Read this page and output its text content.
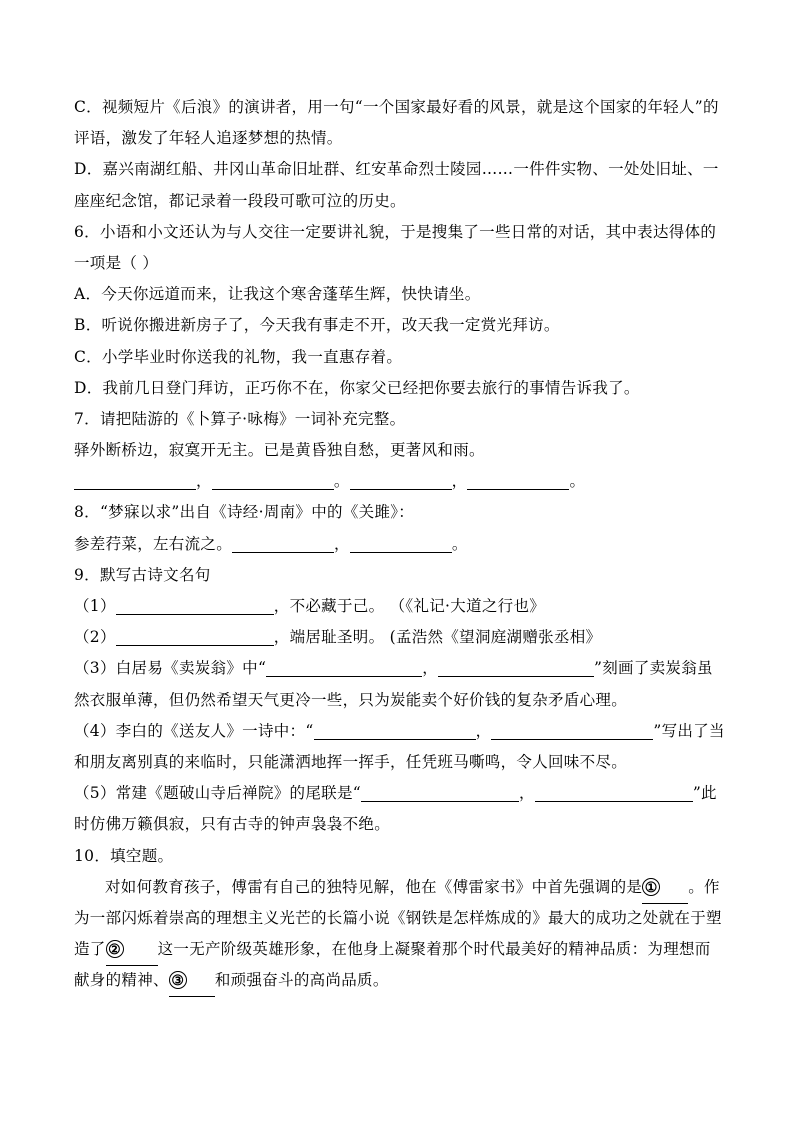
C．视频短片《后浪》的演讲者，用一句“一个国家最好看的风景，就是这个国家的年轻人”的
评语，激发了年轻人追逐梦想的热情。
D．嘉兴南湖红船、井冈山革命旧址群、红安革命烈士陵园……一件件实物、一处处旧址、一
座座纪念馆，都记录着一段段可歌可泣的历史。
6．小语和小文还认为与人交往一定要讲礼貌，于是搜集了一些日常的对话，其中表达得体的
一项是（ ）
A．今天你远道而来，让我这个寒舍蓬荜生辉，快快请坐。
B．听说你搬进新房子了，今天我有事走不开，改天我一定赏光拜访。
C．小学毕业时你送我的礼物，我一直惠存着。
D．我前几日登门拜访，正巧你不在，你家父已经把你要去旅行的事情告诉我了。
7．请把陆游的《卜算子·咏梅》一词补充完整。
驿外断桥边，寂寞开无主。已是黄昏独自愁，更著风和雨。
，	。	，	。
8．“梦寐以求”出自《诗经·周南》中的《关雎》：
参差荇菜，左右流之。	，	。
9．默写古诗文名句
（1）	，不必藏于己。 （《礼记·大道之行也》
（2）	，端居耻圣明。 (孟浩然《望洞庭湖赠张丞相》
（3）白居易《卖炭翁》中“	，	”刻画了卖炭翁虽
然衣服单薄，但仍然希望天气更冷一些，只为炭能卖个好价钱的复杂矛盾心理。
（4）李白的《送友人》一诗中：“	，	”写出了当
和朋友离别真的来临时，只能潇洒地挥一挥手，任凭班马嘶鸣，令人回味不尽。
（5）常建《题破山寺后禅院》的尾联是“	，	”此
时仿佛万籁俱寂，只有古寺的钟声袅袅不绝。
10．填空题。
对如何教育孩子，傅雷有自己的独特见解，他在《傅雷家书》中首先强调的是 ① 。作
为一部闪烁着崇高的理想主义光芒的长篇小说《钢铁是怎样炼成的》最大的成功之处就在于塑
造了 ② 这一无产阶级英雄形象，在他身上凝聚着那个时代最美好的精神品质：为理想而
献身的精神、 ③ 和顽强奋斗的高尚品质。
